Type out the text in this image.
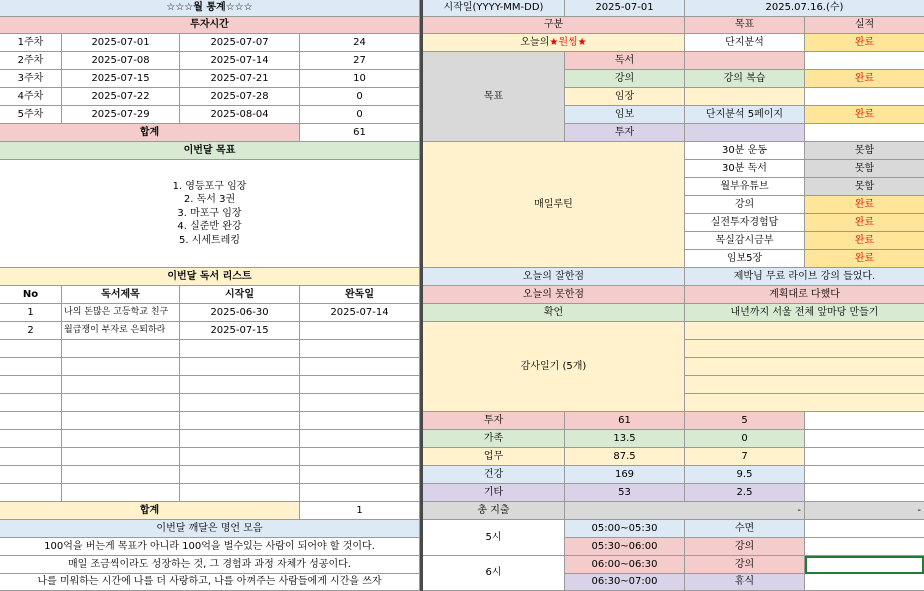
☆☆☆월 통계☆☆☆
투자시간
1주차	2025-07-01	2025-07-07	24
2주차	2025-07-08	2025-07-14	27
3주차	2025-07-15	2025-07-21	10
4주차	2025-07-22	2025-07-28	0
5주차	2025-07-29	2025-08-04	0
합계	61
이번달 목표
1. 영등포구 임장
2. 독서 3권
3. 마포구 임장
4. 실준반 완강
5. 시세트레킹
이번달 독서 리스트
No	독서제목	시작일	완독일
1	나의 돈많은 고등학교 친구	2025-06-30	2025-07-14
2	월급쟁이 부자로 은퇴하라	2025-07-15
합계	1
이번달 깨달은 명언 모음
100억을 버는게 목표가 아니라 100억을 벌수있는 사람이 되어야 할 것이다.
매일 조금씩이라도 성장하는 것, 그 경험과 과정 자체가 성공이다.
나를 미워하는 시간에 나를 더 사랑하고, 나를 아껴주는 사람들에게 시간을 쓰자
시작일(YYYY-MM-DD)	2025-07-01	2025.07.16.(수)
구분	목표	실적
오늘의 ★원씽★	단지분석	완료
목표
독서
강의	강의 복습	완료
임장
임보	단지분석 5페이지	완료
투자
매일루틴
30분 운동	못함
30분 독서	못함
월부유튜브	못함
강의	완료
실전투자경험담	완료
목실감시금부	완료
임보5장	완료
오늘의 잘한점	제박님 무료 라이브 강의 들었다.
오늘의 못한점	계획대로 다했다
확언	내년까지 서울 전체 앞마당 만들기
감사일기 (5개)
투자	61	5
가족	13.5	0
업무	87.5	7
건강	169	9.5
기타	53	2.5
총 지출	-	-
5시
05:00~05:30	수면
05:30~06:00	강의
6시
06:00~06:30	강의
06:30~07:00	휴식
